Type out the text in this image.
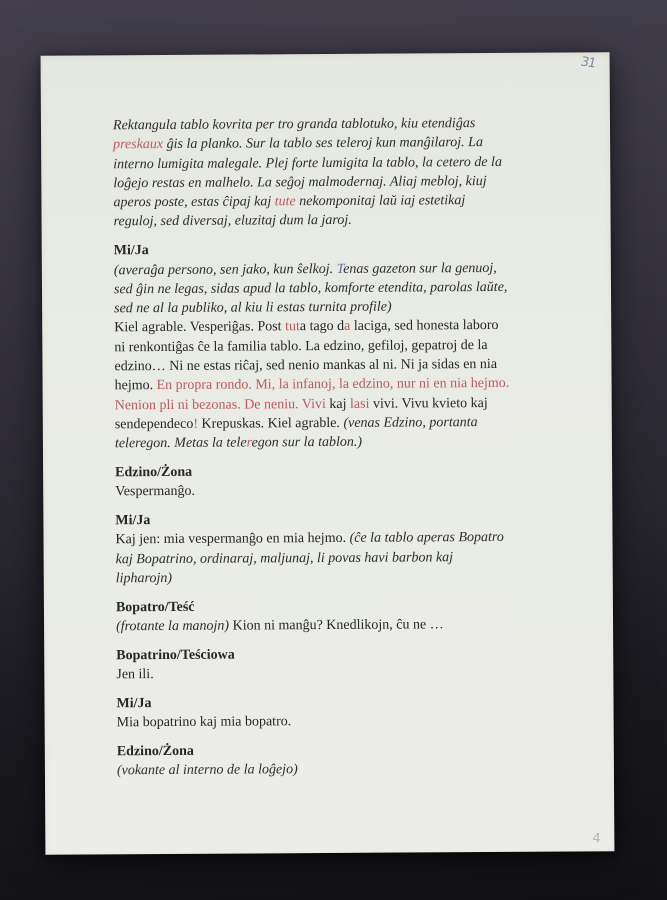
31
Rektangula tablo kovrita per tro granda tablotuko, kiu etendiĝas
preskaux ĝis la planko. Sur la tablo ses teleroj kun manĝilaroj. La
interno lumigita malegale. Plej forte lumigita la tablo, la cetero de la
loĝejo restas en malhelo. La seĝoj malmodernaj. Aliaj mebloj, kiuj
aperos poste, estas ĉipaj kaj tute nekomponitaj laŭ iaj estetikaj
reguloj, sed diversaj, eluzitaj dum la jaroj.
Mi/Ja
(averaĝa persono, sen jako, kun ŝelkoj. Tenas gazeton sur la genuoj,
sed ĝin ne legas, sidas apud la tablo, komforte etendita, parolas laŭte,
sed ne al la publiko, al kiu li estas turnita profile)
Kiel agrable. Vesperiĝas. Post tuta tago da laciga, sed honesta laboro
ni renkontiĝas ĉe la familia tablo. La edzino, gefiloj, gepatroj de la
edzino… Ni ne estas riĉaj, sed nenio mankas al ni. Ni ja sidas en nia
hejmo. En propra rondo. Mi, la infanoj, la edzino, nur ni en nia hejmo.
Nenion pli ni bezonas. De neniu. Vivi kaj lasi vivi. Vivu kvieto kaj
sendependeco! Krepuskas. Kiel agrable. (venas Edzino, portanta
teleregon. Metas la teleregon sur la tablon.)
Edzino/Żona
Vespermanĝo.
Mi/Ja
Kaj jen: mia vespermanĝo en mia hejmo. (ĉe la tablo aperas Bopatro
kaj Bopatrino, ordinaraj, maljunaj, li povas havi barbon kaj
lipharojn)
Bopatro/Teść
(frotante la manojn) Kion ni manĝu? Knedlikojn, ĉu ne …
Bopatrino/Teściowa
Jen ili.
Mi/Ja
Mia bopatrino kaj mia bopatro.
Edzino/Żona
(vokante al interno de la loĝejo)
4
